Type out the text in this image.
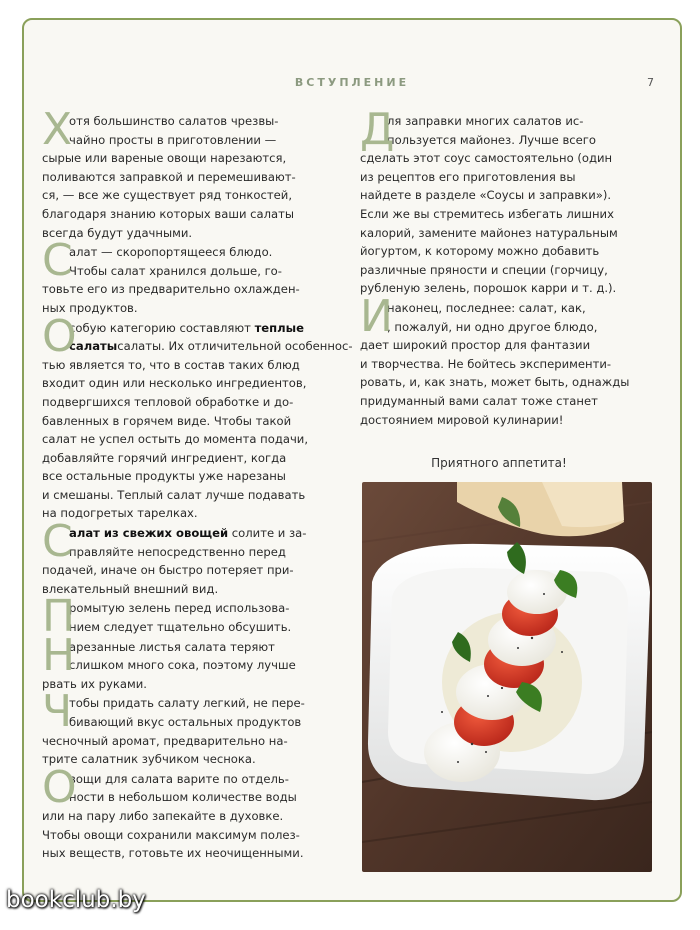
ВСТУПЛЕНИЕ	7
Х
отя большинство салатов чрезвы-
чайно просты в приготовлении —
сырые или вареные овощи нарезаются,
поливаются заправкой и перемешивают-
ся, — все же существует ряд тонкостей,
благодаря знанию которых ваши салаты
всегда будут удачными.
С
алат — скоропортящееся блюдо.
Чтобы салат хранился дольше, го-
товьте его из предварительно охлажден-
ных продуктов.
О
собую категорию составляют теплые
салатысалаты. Их отличительной особеннос-
тью является то, что в состав таких блюд
входит один или несколько ингредиентов,
подвергшихся тепловой обработке и до-
бавленных в горячем виде. Чтобы такой
салат не успел остыть до момента подачи,
добавляйте горячий ингредиент, когда
все остальные продукты уже нарезаны
и смешаны. Теплый салат лучше подавать
на подогретых тарелках.
С
алат из свежих овощей солите и за-
правляйте непосредственно перед
подачей, иначе он быстро потеряет при-
влекательный внешний вид.
П
ромытую зелень перед использова-
нием следует тщательно обсушить.
Н
арезанные листья салата теряют
слишком много сока, поэтому лучше
рвать их руками.
Ч
тобы придать салату легкий, не пере-
бивающий вкус остальных продуктов
чесночный аромат, предварительно на-
трите салатник зубчиком чеснока.
О
вощи для салата варите по отдель-
ности в небольшом количестве воды
или на пару либо запекайте в духовке.
Чтобы овощи сохранили максимум полез-
ных веществ, готовьте их неочищенными.
Д
ля заправки многих салатов ис-
пользуется майонез. Лучше всего
сделать этот соус самостоятельно (один
из рецептов его приготовления вы
найдете в разделе «Соусы и заправки»).
Если же вы стремитесь избегать лишних
калорий, замените майонез натуральным
йогуртом, к которому можно добавить
различные пряности и специи (горчицу,
рубленую зелень, порошок карри и т. д.).
И
наконец, последнее: салат, как,
, пожалуй, ни одно другое блюдо,
дает широкий простор для фантазии
и творчества. Не бойтесь эксперименти-
ровать, и, как знать, может быть, однажды
придуманный вами салат тоже станет
достоянием мировой кулинарии!
Приятного аппетита!
bookclub.by
